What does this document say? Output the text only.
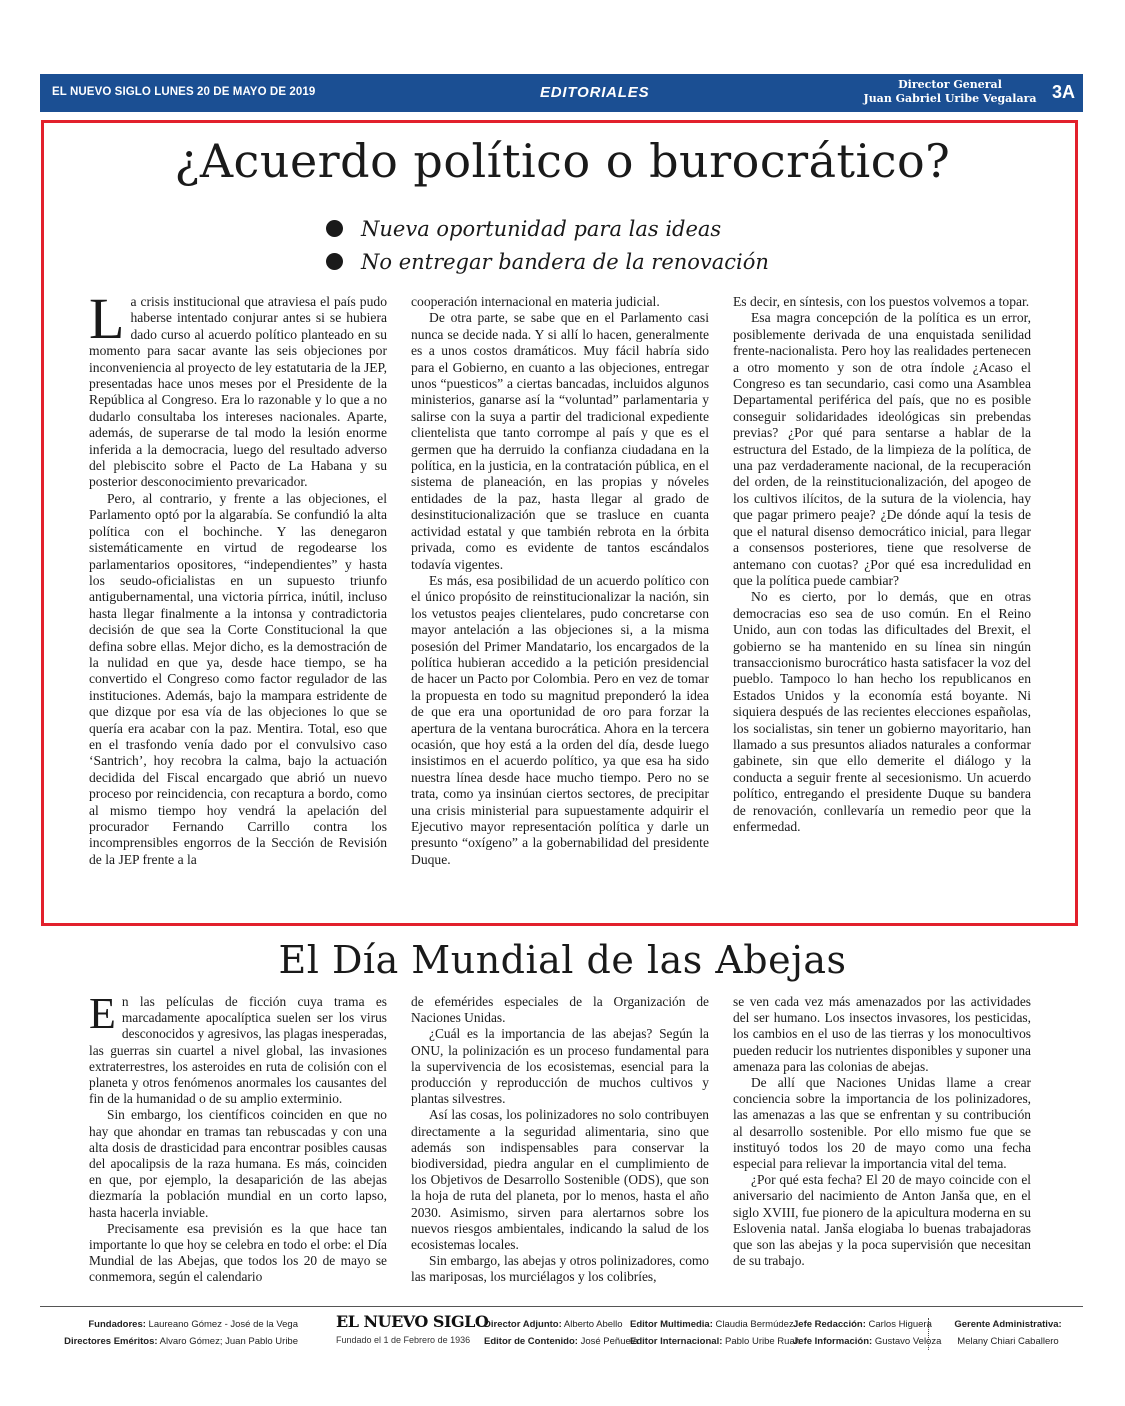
EL NUEVO SIGLO LUNES 20 DE MAYO DE 2019	EDITORIALES	Director General
Juan Gabriel Uribe Vegalara 3A
¿Acuerdo político o burocrático?
Nueva oportunidad para las ideas
No entregar bandera de la renovación

La crisis institucional que atraviesa el país pudo haberse intentado conjurar antes si se hubiera dado curso al acuerdo político planteado en su momento para sacar avante las seis objeciones por inconveniencia al proyecto de ley estatutaria de la JEP, presentadas hace unos meses por el Presidente de la República al Congreso. Era lo razonable y lo que a no dudarlo consultaba los intereses nacionales. Aparte, además, de superarse de tal modo la lesión enorme inferida a la democracia, luego del resultado adverso del plebiscito sobre el Pacto de La Habana y su posterior desconocimiento prevaricador.

Pero, al contrario, y frente a las objeciones, el Parlamento optó por la algarabía. Se confundió la alta política con el bochinche. Y las denegaron sistemáticamente en virtud de regodearse los parlamentarios opositores, “independientes” y hasta los seudo-oficialistas en un supuesto triunfo antigubernamental, una victoria pírrica, inútil, incluso hasta llegar finalmente a la intonsa y contradictoria decisión de que sea la Corte Constitucional la que defina sobre ellas. Mejor dicho, es la demostración de la nulidad en que ya, desde hace tiempo, se ha convertido el Congreso como factor regulador de las instituciones. Además, bajo la mampara estridente de que dizque por esa vía de las objeciones lo que se quería era acabar con la paz. Mentira. Total, eso que en el trasfondo venía dado por el convulsivo caso ‘Santrich’, hoy recobra la calma, bajo la actuación decidida del Fiscal encargado que abrió un nuevo proceso por reincidencia, con recaptura a bordo, como al mismo tiempo hoy vendrá la apelación del procurador Fernando Carrillo contra los incomprensibles engorros de la Sección de Revisión de la JEP frente a la

cooperación internacional en materia judicial.

De otra parte, se sabe que en el Parlamento casi nunca se decide nada. Y si allí lo hacen, generalmente es a unos costos dramáticos. Muy fácil habría sido para el Gobierno, en cuanto a las objeciones, entregar unos “puesticos” a ciertas bancadas, incluidos algunos ministerios, ganarse así la “voluntad” parlamentaria y salirse con la suya a partir del tradicional expediente clientelista que tanto corrompe al país y que es el germen que ha derruido la confianza ciudadana en la política, en la justicia, en la contratación pública, en el sistema de planeación, en las propias y nóveles entidades de la paz, hasta llegar al grado de desinstitucionalización que se trasluce en cuanta actividad estatal y que también rebrota en la órbita privada, como es evidente de tantos escándalos todavía vigentes.

Es más, esa posibilidad de un acuerdo político con el único propósito de reinstitucionalizar la nación, sin los vetustos peajes clientelares, pudo concretarse con mayor antelación a las objeciones si, a la misma posesión del Primer Mandatario, los encargados de la política hubieran accedido a la petición presidencial de hacer un Pacto por Colombia. Pero en vez de tomar la propuesta en todo su magnitud preponderó la idea de que era una oportunidad de oro para forzar la apertura de la ventana burocrática. Ahora en la tercera ocasión, que hoy está a la orden del día, desde luego insistimos en el acuerdo político, ya que esa ha sido nuestra línea desde hace mucho tiempo. Pero no se trata, como ya insinúan ciertos sectores, de precipitar una crisis ministerial para supuestamente adquirir el Ejecutivo mayor representación política y darle un presunto “oxígeno” a la gobernabilidad del presidente Duque.

Es decir, en síntesis, con los puestos volvemos a topar.

Esa magra concepción de la política es un error, posiblemente derivada de una enquistada senilidad frente-nacionalista. Pero hoy las realidades pertenecen a otro momento y son de otra índole ¿Acaso el Congreso es tan secundario, casi como una Asamblea Departamental periférica del país, que no es posible conseguir solidaridades ideológicas sin prebendas previas? ¿Por qué para sentarse a hablar de la estructura del Estado, de la limpieza de la política, de una paz verdaderamente nacional, de la recuperación del orden, de la reinstitucionalización, del apogeo de los cultivos ilícitos, de la sutura de la violencia, hay que pagar primero peaje? ¿De dónde aquí la tesis de que el natural disenso democrático inicial, para llegar a consensos posteriores, tiene que resolverse de antemano con cuotas? ¿Por qué esa incredulidad en que la política puede cambiar?

No es cierto, por lo demás, que en otras democracias eso sea de uso común. En el Reino Unido, aun con todas las dificultades del Brexit, el gobierno se ha mantenido en su línea sin ningún transaccionismo burocrático hasta satisfacer la voz del pueblo. Tampoco lo han hecho los republicanos en Estados Unidos y la economía está boyante. Ni siquiera después de las recientes elecciones españolas, los socialistas, sin tener un gobierno mayoritario, han llamado a sus presuntos aliados naturales a conformar gabinete, sin que ello demerite el diálogo y la conducta a seguir frente al secesionismo. Un acuerdo político, entregando el presidente Duque su bandera de renovación, conllevaría un remedio peor que la enfermedad.

El Día Mundial de las Abejas

En las películas de ficción cuya trama es marcadamente apocalíptica suelen ser los virus desconocidos y agresivos, las plagas inesperadas, las guerras sin cuartel a nivel global, las invasiones extraterrestres, los asteroides en ruta de colisión con el planeta y otros fenómenos anormales los causantes del fin de la humanidad o de su amplio exterminio.

Sin embargo, los científicos coinciden en que no hay que ahondar en tramas tan rebuscadas y con una alta dosis de drasticidad para encontrar posibles causas del apocalipsis de la raza humana. Es más, coinciden en que, por ejemplo, la desaparición de las abejas diezmaría la población mundial en un corto lapso, hasta hacerla inviable.

Precisamente esa previsión es la que hace tan importante lo que hoy se celebra en todo el orbe: el Día Mundial de las Abejas, que todos los 20 de mayo se conmemora, según el calendario

de efemérides especiales de la Organización de Naciones Unidas.

¿Cuál es la importancia de las abejas? Según la ONU, la polinización es un proceso fundamental para la supervivencia de los ecosistemas, esencial para la producción y reproducción de muchos cultivos y plantas silvestres.

Así las cosas, los polinizadores no solo contribuyen directamente a la seguridad alimentaria, sino que además son indispensables para conservar la biodiversidad, piedra angular en el cumplimiento de los Objetivos de Desarrollo Sostenible (ODS), que son la hoja de ruta del planeta, por lo menos, hasta el año 2030. Asimismo, sirven para alertarnos sobre los nuevos riesgos ambientales, indicando la salud de los ecosistemas locales.

Sin embargo, las abejas y otros polinizadores, como las mariposas, los murciélagos y los colibríes,

se ven cada vez más amenazados por las actividades del ser humano. Los insectos invasores, los pesticidas, los cambios en el uso de las tierras y los monocultivos pueden reducir los nutrientes disponibles y suponer una amenaza para las colonias de abejas.

De allí que Naciones Unidas llame a crear conciencia sobre la importancia de los polinizadores, las amenazas a las que se enfrentan y su contribución al desarrollo sostenible. Por ello mismo fue que se instituyó todos los 20 de mayo como una fecha especial para relievar la importancia vital del tema.

¿Por qué esta fecha? El 20 de mayo coincide con el aniversario del nacimiento de Anton Janša que, en el siglo XVIII, fue pionero de la apicultura moderna en su Eslovenia natal. Janša elogiaba lo buenas trabajadoras que son las abejas y la poca supervisión que necesitan de su trabajo.

Fundadores: Laureano Gómez - José de la Vega
Directores Eméritos: Alvaro Gómez; Juan Pablo Uribe
EL NUEVO SIGLO
Fundado el 1 de Febrero de 1936
Director Adjunto: Alberto Abello
Editor de Contenido: José Peñuela
Editor Multimedia: Claudia Bermúdez
Editor Internacional: Pablo Uribe Ruan
Jefe Redacción: Carlos Higuera
Jefe Información: Gustavo Veloza
Gerente Administrativa:
Melany Chiari Caballero
